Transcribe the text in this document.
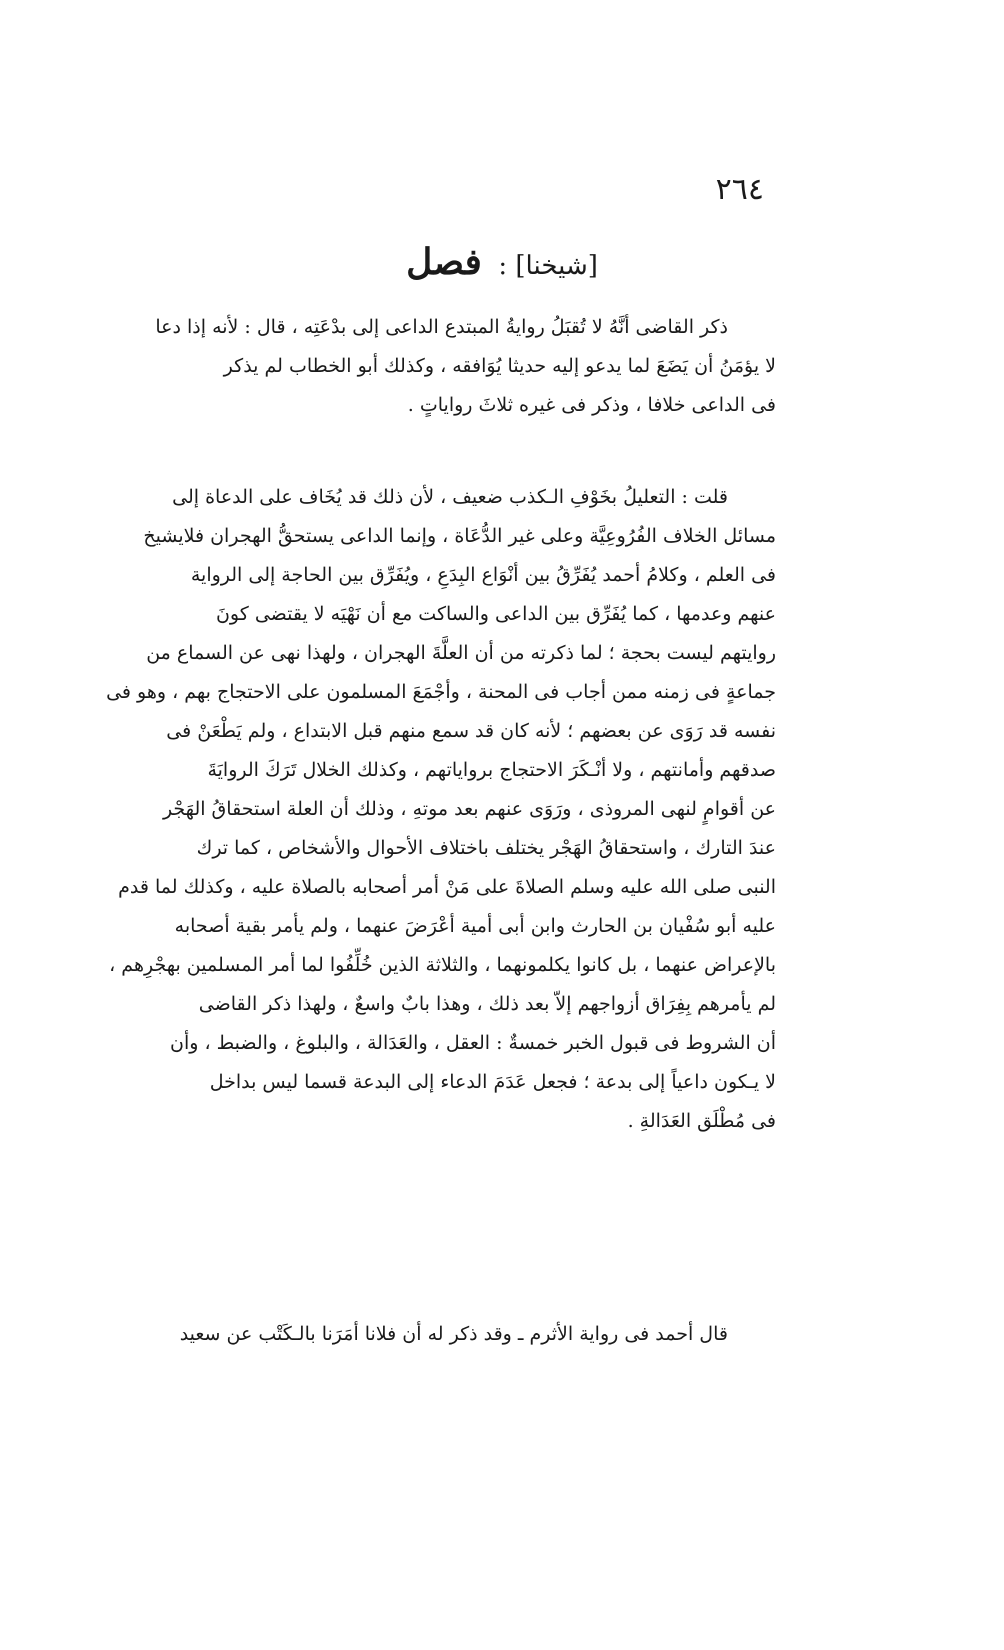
٢٦٤
[شيخنا] : فصل

ذكر القاضى أنَّهُ لا تُقبَلُ روايةُ المبتدع الداعى إلى بدْعَتِه ، قال : لأنه إذا دعا
لا يؤمَنُ أن يَضَعَ لما يدعو إليه حديثا يُوَافقه ، وكذلك أبو الخطاب لم يذكر
فى الداعى خلافا ، وذكر فى غيره ثلاثَ رواياتٍ .

قلت : التعليلُ بخَوْفِ الـكذب ضعيف ، لأن ذلك قد يُخَاف على الدعاة إلى
مسائل الخلاف الفُرُوعِيَّة وعلى غير الدُّعَاة ، وإنما الداعى يستحقُّ الهجران فلايشيخ
فى العلم ، وكلامُ أحمد يُفَرِّقُ بين أنْوَاع البِدَعِ ، ويُفَرِّق بين الحاجة إلى الرواية
عنهم وعدمها ، كما يُفَرِّق بين الداعى والساكت مع أن نَهْيَه لا يقتضى كونَ
روايتهم ليست بحجة ؛ لما ذكرته من أن العلَّةَ الهجران ، ولهذا نهى عن السماع من
جماعةٍ فى زمنه ممن أجاب فى المحنة ، وأجْمَعَ المسلمون على الاحتجاج بهم ، وهو فى
نفسه قد رَوَى عن بعضهم ؛ لأنه كان قد سمع منهم قبل الابتداع ، ولم يَطْعَنْ فى
صدقهم وأمانتهم ، ولا أنْـكَرَ الاحتجاج برواياتهم ، وكذلك الخلال تَرَكَ الروايَةَ
عن أقوامٍ لنهى المروذى ، ورَوَى عنهم بعد موتهِ ، وذلك أن العلة استحقاقُ الهَجْر
عندَ التارك ، واستحقاقُ الهَجْر يختلف باختلاف الأحوال والأشخاص ، كما ترك
النبى صلى الله عليه وسلم الصلاةَ على مَنْ أمر أصحابه بالصلاة عليه ، وكذلك لما قدم
عليه أبو سُفْيان بن الحارث وابن أبى أمية أعْرَضَ عنهما ، ولم يأمر بقية أصحابه
بالإعراض عنهما ، بل كانوا يكلمونهما ، والثلاثة الذين خُلِّفُوا لما أمر المسلمين بهجْرِهم ،
لم يأمرهم بِفِرَاق أزواجهم إلاّ بعد ذلك ، وهذا بابٌ واسعٌ ، ولهذا ذكر القاضى
أن الشروط فى قبول الخبر خمسةٌ : العقل ، والعَدَالة ، والبلوغ ، والضبط ، وأن
لا يـكون داعياً إلى بدعة ؛ فجعل عَدَمَ الدعاء إلى البدعة قسما ليس بداخل
فى مُطْلَق العَدَالةِ .

قال أحمد فى رواية الأثرم ـ وقد ذكر له أن فلانا أمَرَنا بالـكَتْب عن سعيد
